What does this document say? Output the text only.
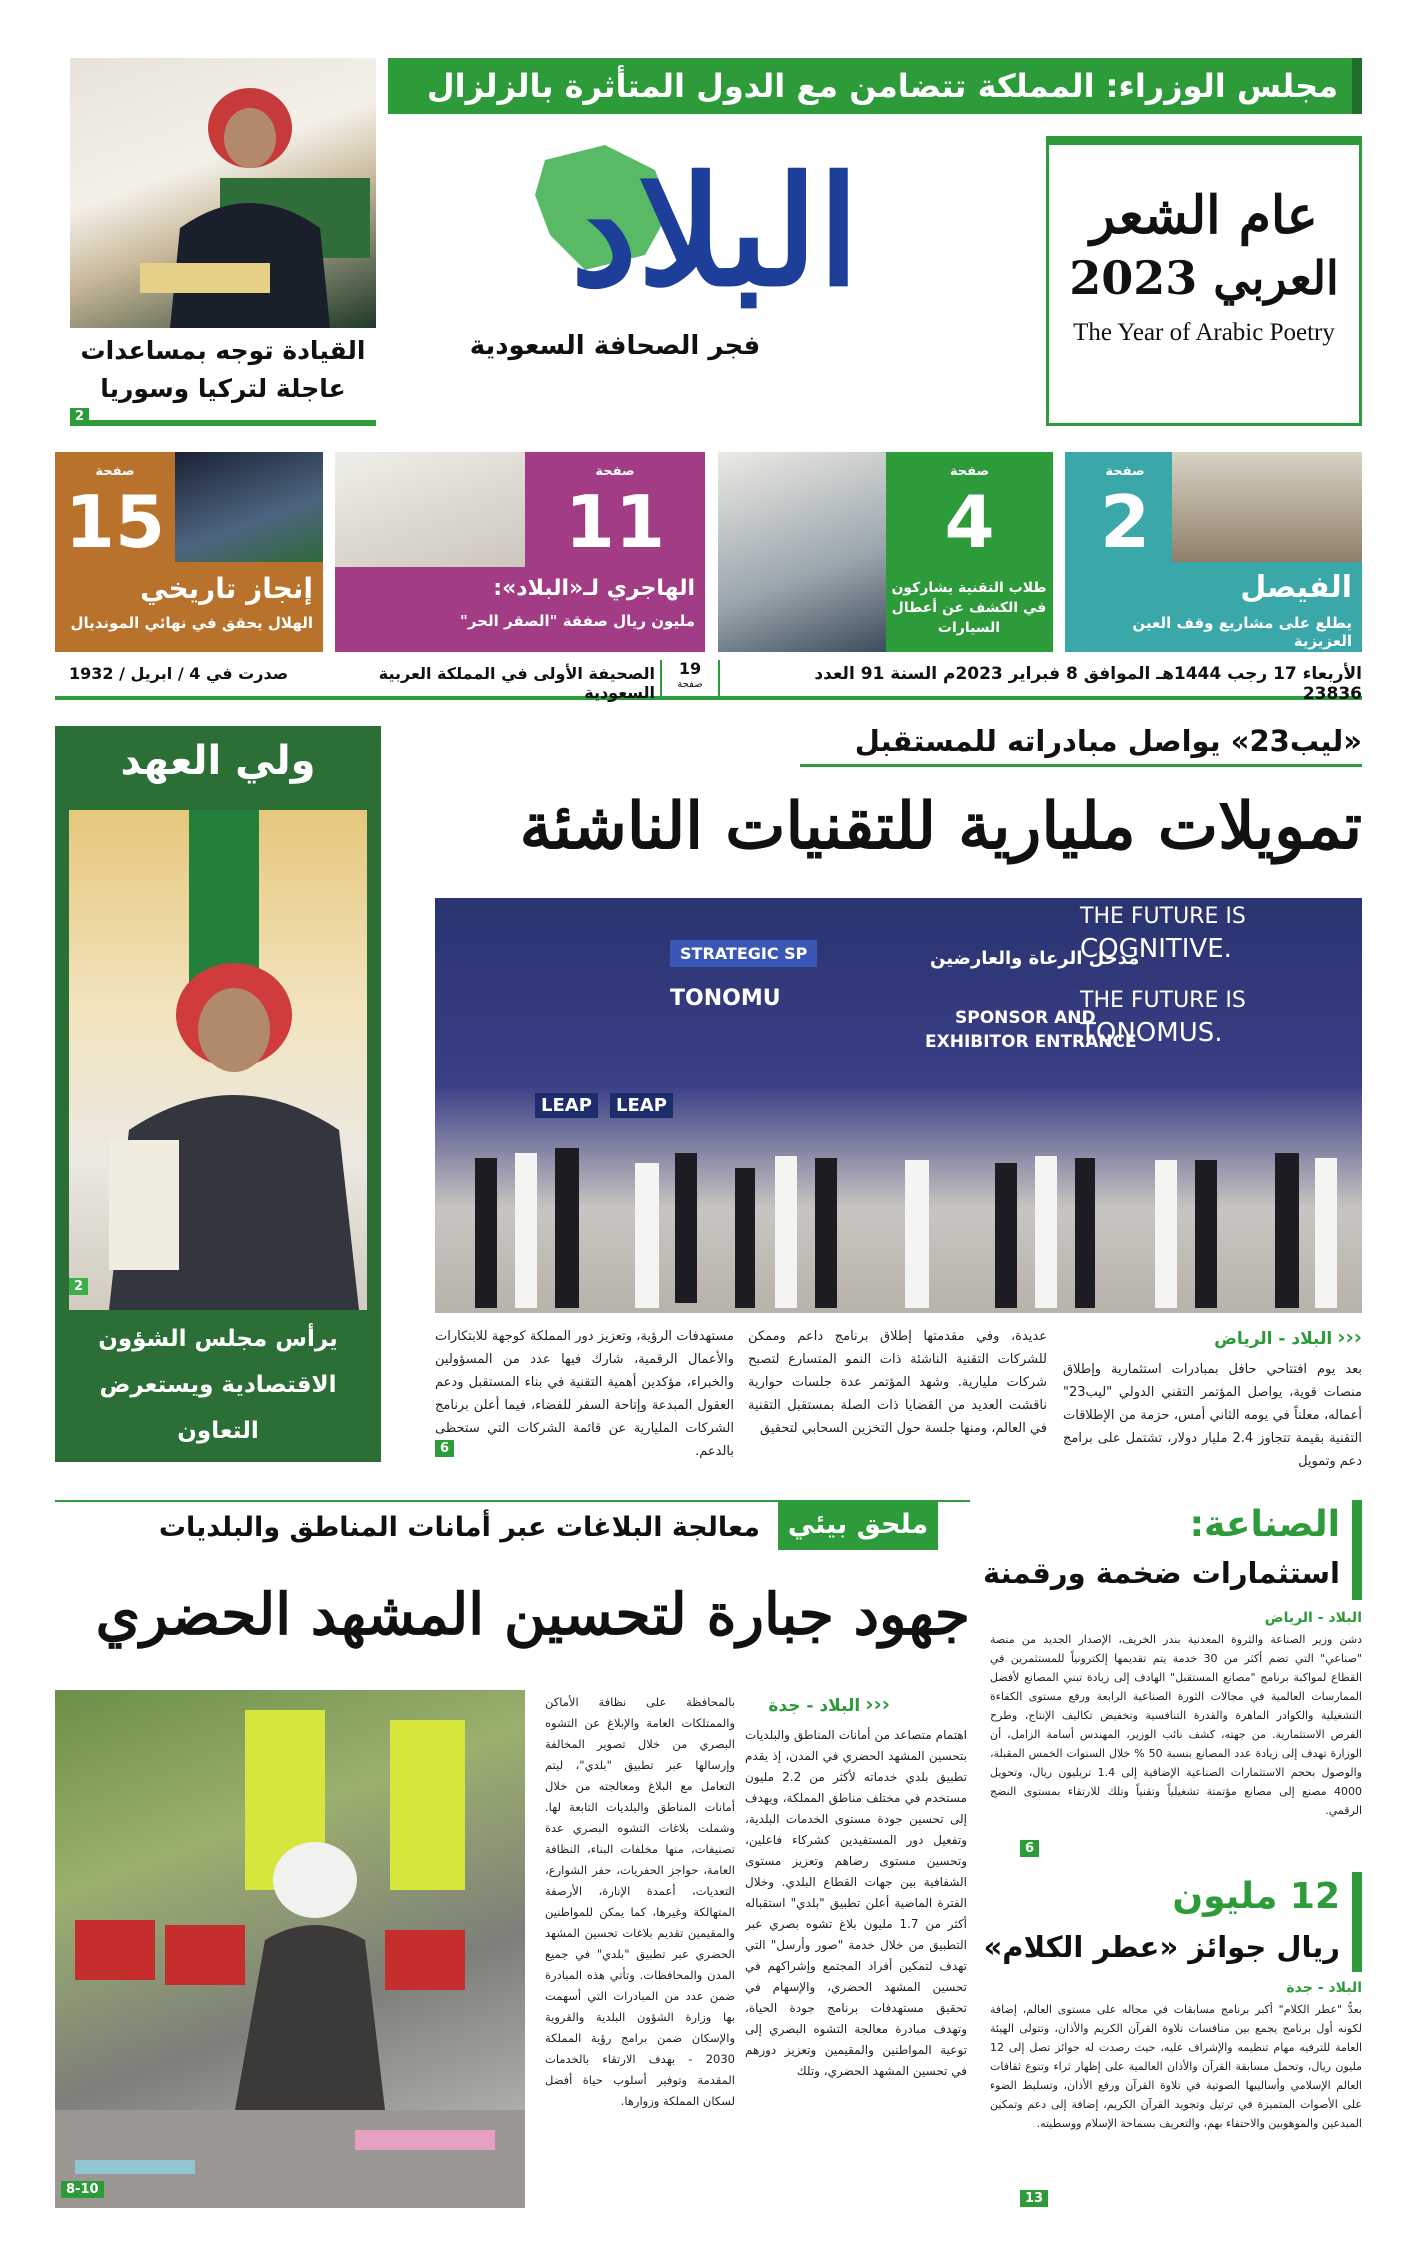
مجلس الوزراء: المملكة تتضامن مع الدول المتأثرة بالزلزال
القيادة توجه بمساعدات
عاجلة لتركيا وسوريا
2
البلاد
فجر الصحافة السعودية
عام الشعر
العربي 2023
The Year of Arabic Poetry
صفحة
2
الفيصل
يطلع على مشاريع وقف العين العزيزية
صفحة
4
طلاب التقنية يشاركون في الكشف عن أعطال السيارات
صفحة
11
الهاجري لـ«البلاد»:
مليون ريال صفقة "الصقر الحر"
صفحة
15
إنجاز تاريخي
الهلال يحقق في نهائي المونديال
الأربعاء 17 رجب 1444هـ الموافق 8 فبراير 2023م السنة 91 العدد 23836
19
صفحة
الصحيفة الأولى في المملكة العربية السعودية
صدرت في 4 / ابريل / 1932
ولي العهد
يرأس مجلس الشؤون
الاقتصادية ويستعرض التعاون
مع رئيسة وزراء إيطاليا
2
«ليب23» يواصل مبادراته للمستقبل
تمويلات مليارية للتقنيات الناشئة
STRATEGIC SP
TONOMU
مدخل الرعاة والعارضين
SPONSOR AND
EXHIBITOR ENTRANCE
THE FUTURE IS
COGNITIVE.
THE FUTURE IS
TONOMUS.
LEAP	LEAP
‹‹‹ البلاد - الرياض
بعد يوم افتتاحي حافل بمبادرات استثمارية وإطلاق منصات قوية، يواصل المؤتمر التقني الدولي "ليب23" أعماله، معلناً في يومه الثاني أمس، حزمة من الإطلاقات التقنية بقيمة تتجاوز 2.4 مليار دولار، تشتمل على برامج دعم وتمويل
عديدة، وفي مقدمتها إطلاق برنامج داعم وممكن للشركات التقنية الناشئة ذات النمو المتسارع لتصبح شركات مليارية. وشهد المؤتمر عدة جلسات حوارية ناقشت العديد من القضايا ذات الصلة بمستقبل التقنية في العالم، ومنها جلسة حول التخزين السحابي لتحقيق
مستهدفات الرؤية، وتعزيز دور المملكة كوجهة للابتكارات والأعمال الرقمية، شارك فيها عدد من المسؤولين والخبراء، مؤكدين أهمية التقنية في بناء المستقبل ودعم العقول المبدعة وإتاحة السفر للفضاء، فيما أعلن برنامج الشركات المليارية عن قائمة الشركات التي ستحظى بالدعم.
6
ملحق بيئي
معالجة البلاغات عبر أمانات المناطق والبلديات
جهود جبارة لتحسين المشهد الحضري
8-10
‹‹‹ البلاد - جدة
اهتمام متصاعد من أمانات المناطق والبلديات بتحسين المشهد الحضري في المدن، إذ يقدم تطبيق بلدي خدماته لأكثر من 2.2 مليون مستخدم في مختلف مناطق المملكة، ويهدف إلى تحسين جودة مستوى الخدمات البلدية، وتفعيل دور المستفيدين كشركاء فاعلين، وتحسين مستوى رضاهم وتعزيز مستوى الشفافية بين جهات القطاع البلدي. وخلال الفترة الماضية أعلن تطبيق "بلدي" استقباله أكثر من 1.7 مليون بلاغ تشوه بصري عبر التطبيق من خلال خدمة "صور وأرسل" التي تهدف لتمكين أفراد المجتمع وإشراكهم في تحسين المشهد الحضري، والإسهام في تحقيق مستهدفات برنامج جودة الحياة، وتهدف مبادرة معالجة التشوه البصري إلى توعية المواطنين والمقيمين وتعزيز دورهم في تحسين المشهد الحضري، وتلك
بالمحافظة على نظافة الأماكن والممتلكات العامة والإبلاغ عن التشوه البصري من خلال تصوير المخالفة وإرسالها عبر تطبيق "بلدي"، ليتم التعامل مع البلاغ ومعالجته من خلال أمانات المناطق والبلديات التابعة لها. وشملت بلاغات التشوه البصري عدة تصنيفات، منها مخلفات البناء، النظافة العامة، حواجز الحفريات، حفر الشوارع، التعديات، أعمدة الإنارة، الأرصفة المتهالكة وغيرها، كما يمكن للمواطنين والمقيمين تقديم بلاغات تحسين المشهد الحضري عبر تطبيق "بلدي" في جميع المدن والمحافظات. وتأتي هذه المبادرة ضمن عدد من المبادرات التي أسهمت بها وزارة الشؤون البلدية والقروية والإسكان ضمن برامج رؤية المملكة 2030 - بهدف الارتقاء بالخدمات المقدمة وتوفير أسلوب حياة أفضل لسكان المملكة وزوارها.
الصناعة:
استثمارات ضخمة ورقمنة
البلاد - الرياض
دشن وزير الصناعة والثروة المعدنية بندر الخريف، الإصدار الجديد من منصة "صناعي" التي تضم أكثر من 30 خدمة يتم تقديمها إلكترونياً للمستثمرين في القطاع لمواكبة برنامج "مصانع المستقبل" الهادف إلى زيادة تبني المصانع لأفضل الممارسات العالمية في مجالات الثورة الصناعية الرابعة ورفع مستوى الكفاءة التشغيلية والكوادر الماهرة والقدرة التنافسية وتخفيض تكاليف الإنتاج، وطرح الفرص الاستثمارية. من جهته، كشف نائب الوزير، المهندس أسامة الزامل، أن الوزارة تهدف إلى زيادة عدد المصانع بنسبة 50 % خلال السنوات الخمس المقبلة، والوصول بحجم الاستثمارات الصناعية الإضافية إلى 1.4 تريليون ريال، وتحويل 4000 مصنع إلى مصانع مؤتمتة تشغيلياً وتقنياً وتلك للارتقاء بمستوى النضج الرقمي.
6
12 مليون
ريال جوائز «عطر الكلام»
البلاد - جدة
بعدُّ "عطر الكلام" أكبر برنامج مسابقات في مجاله على مستوى العالم، إضافة لكونه أول برنامج يجمع بين منافسات تلاوة القرآن الكريم والأذان، وتتولى الهيئة العامة للترفيه مهام تنظيمه والإشراف عليه، حيث رصدت له جوائز تصل إلى 12 مليون ريال، وتحمل مسابقة القرآن والأذان العالمية على إظهار ثراء وتنوع ثقافات العالم الإسلامي وأساليبها الصوتية في تلاوة القرآن ورفع الأذان، وتسليط الضوء على الأصوات المتميزة في ترتيل وتجويد القرآن الكريم، إضافة إلى دعم وتمكين المبدعين والموهوبين والاحتفاء بهم، والتعريف بسماحة الإسلام ووسطيته.
13
